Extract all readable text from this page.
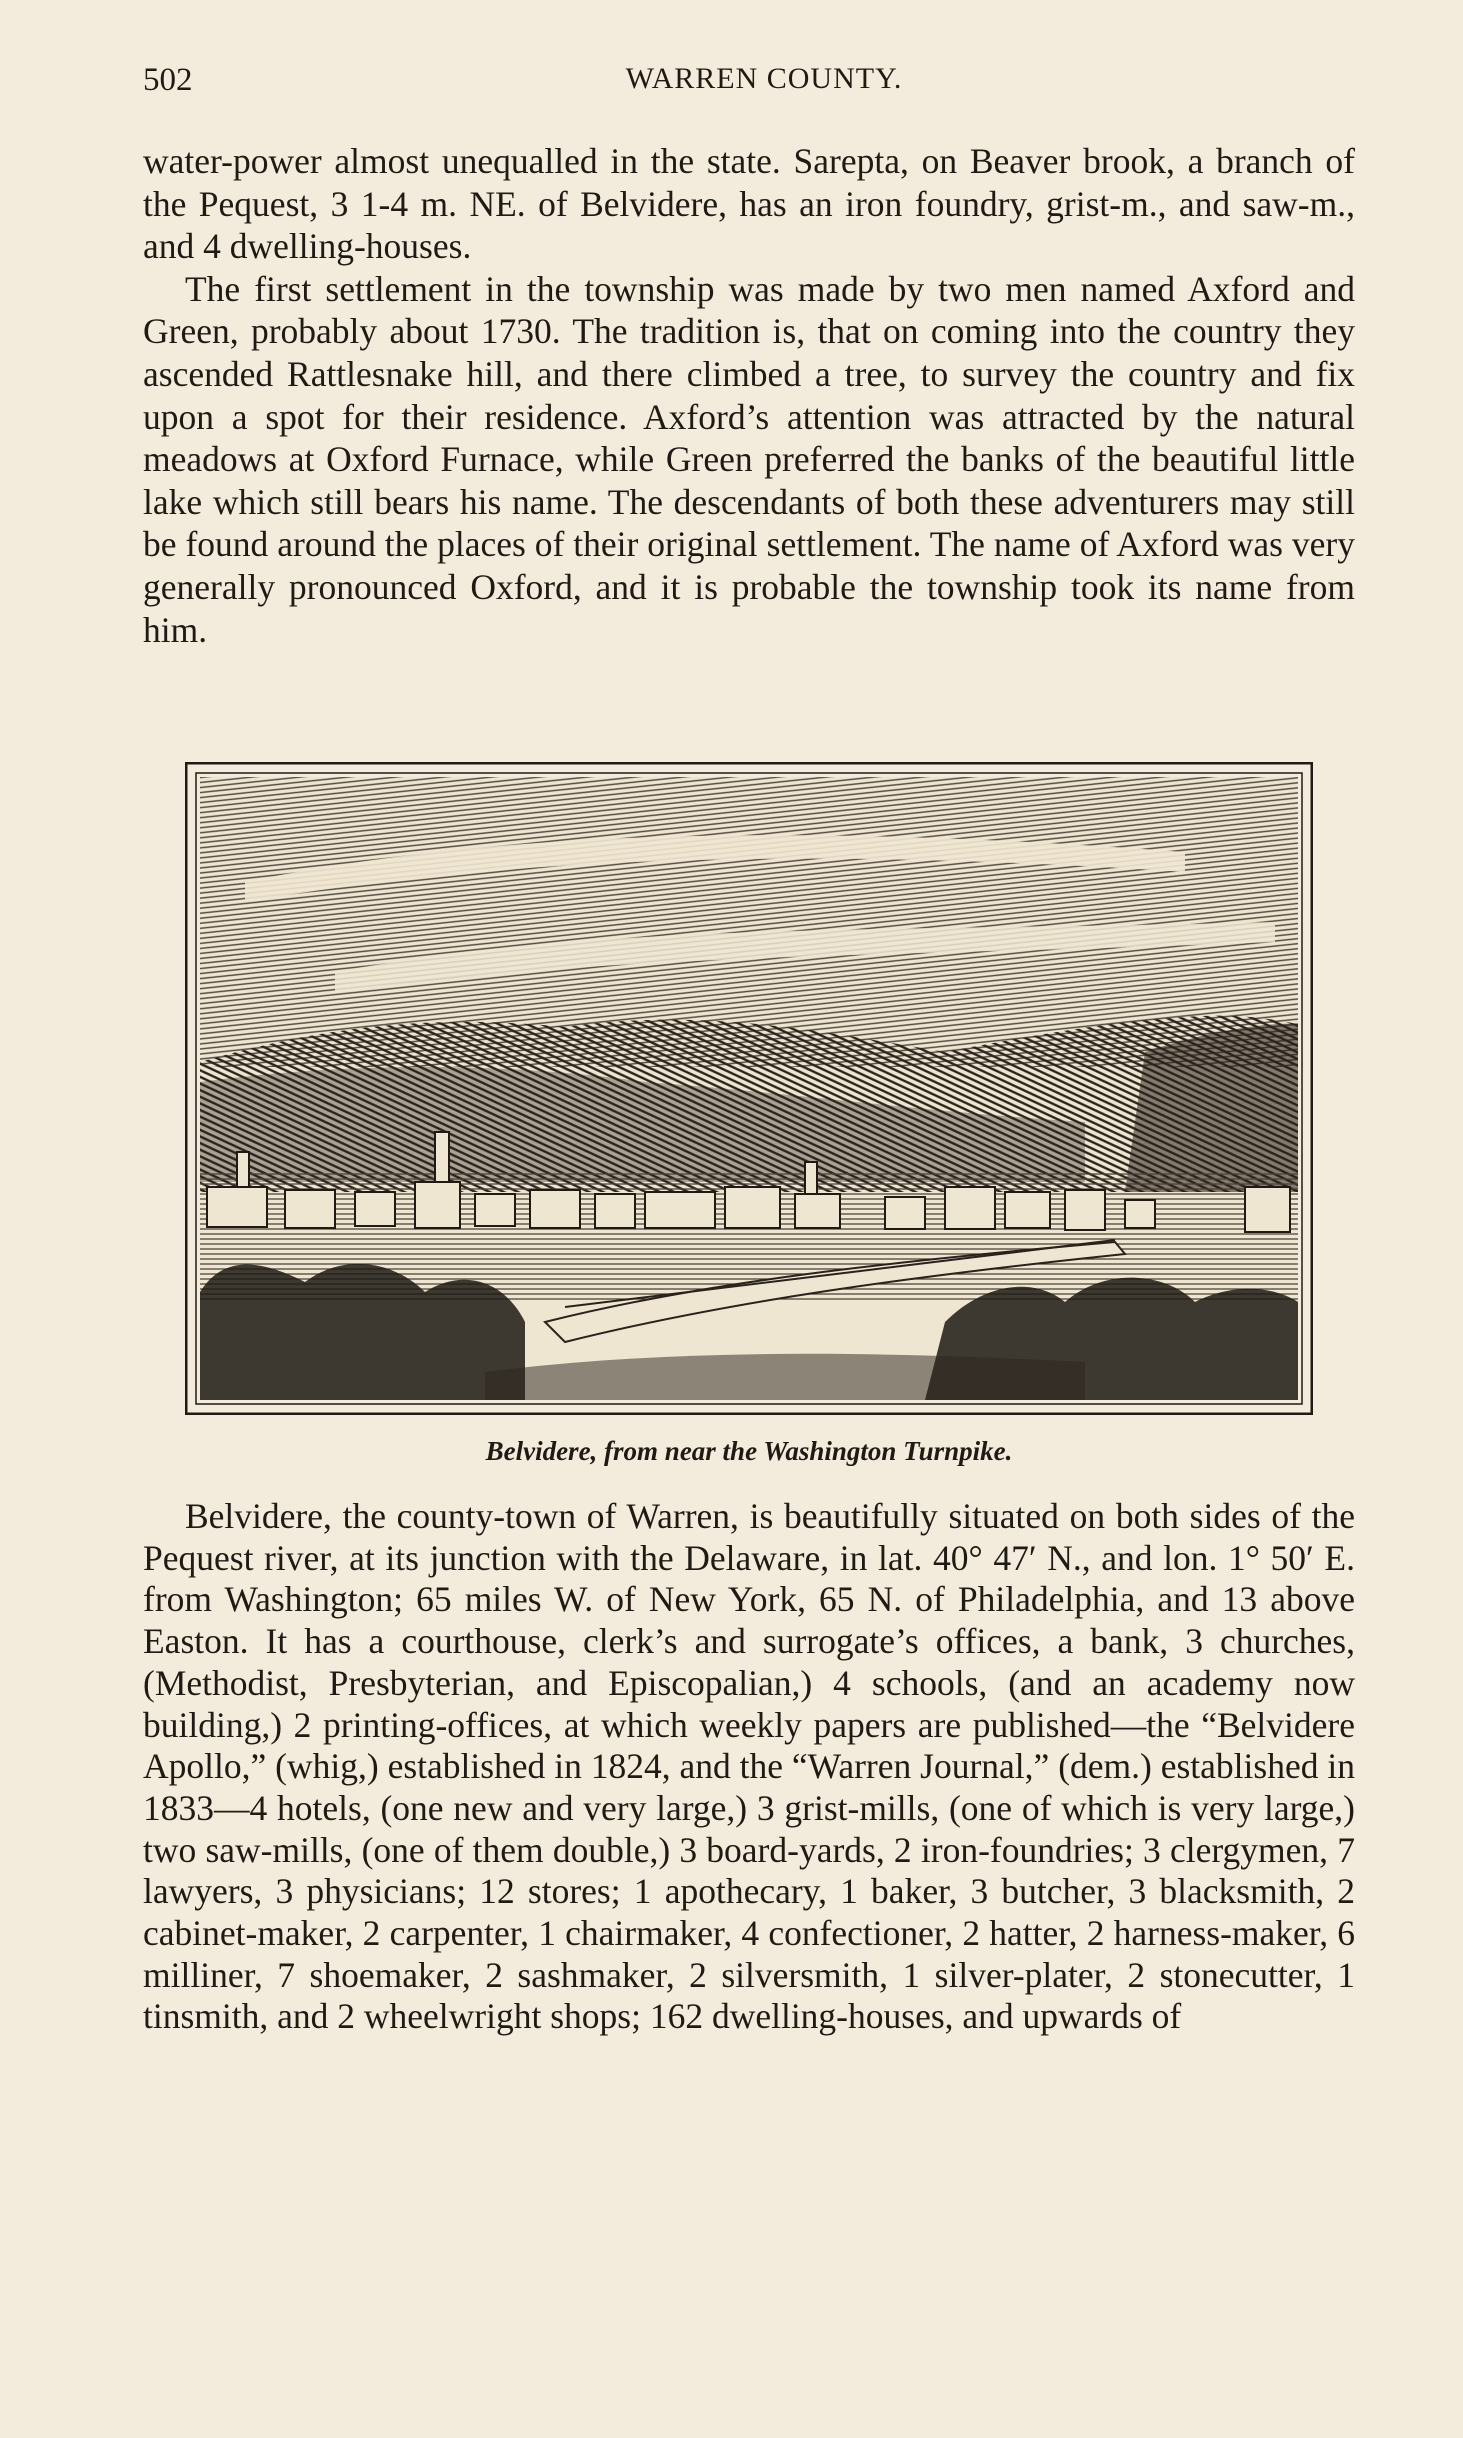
502	WARREN COUNTY.

water-power almost unequalled in the state. Sarepta, on Beaver brook, a branch of the Pequest, 3 1-4 m. NE. of Belvidere, has an iron foundry, grist-m., and saw-m., and 4 dwelling-houses.

The first settlement in the township was made by two men named Axford and Green, probably about 1730. The tradition is, that on coming into the country they ascended Rattlesnake hill, and there climbed a tree, to survey the country and fix upon a spot for their residence. Axford’s attention was attracted by the natural meadows at Oxford Furnace, while Green preferred the banks of the beautiful little lake which still bears his name. The descendants of both these adventurers may still be found around the places of their original settlement. The name of Axford was very generally pronounced Oxford, and it is probable the township took its name from him.

Belvidere, from near the Washington Turnpike.

Belvidere, the county-town of Warren, is beautifully situated on both sides of the Pequest river, at its junction with the Delaware, in lat. 40° 47′ N., and lon. 1° 50′ E. from Washington; 65 miles W. of New York, 65 N. of Philadelphia, and 13 above Easton. It has a courthouse, clerk’s and surrogate’s offices, a bank, 3 churches, (Methodist, Presbyterian, and Episcopalian,) 4 schools, (and an academy now building,) 2 printing-offices, at which weekly papers are published—the “Belvidere Apollo,” (whig,) established in 1824, and the “Warren Journal,” (dem.) established in 1833—4 hotels, (one new and very large,) 3 grist-mills, (one of which is very large,) two saw-mills, (one of them double,) 3 board-yards, 2 iron-foundries; 3 clergymen, 7 lawyers, 3 physicians; 12 stores; 1 apothecary, 1 baker, 3 butcher, 3 blacksmith, 2 cabinet-maker, 2 carpenter, 1 chairmaker, 4 confectioner, 2 hatter, 2 harness-maker, 6 milliner, 7 shoemaker, 2 sashmaker, 2 silversmith, 1 silver-plater, 2 stonecutter, 1 tinsmith, and 2 wheelwright shops; 162 dwelling-houses, and upwards of
